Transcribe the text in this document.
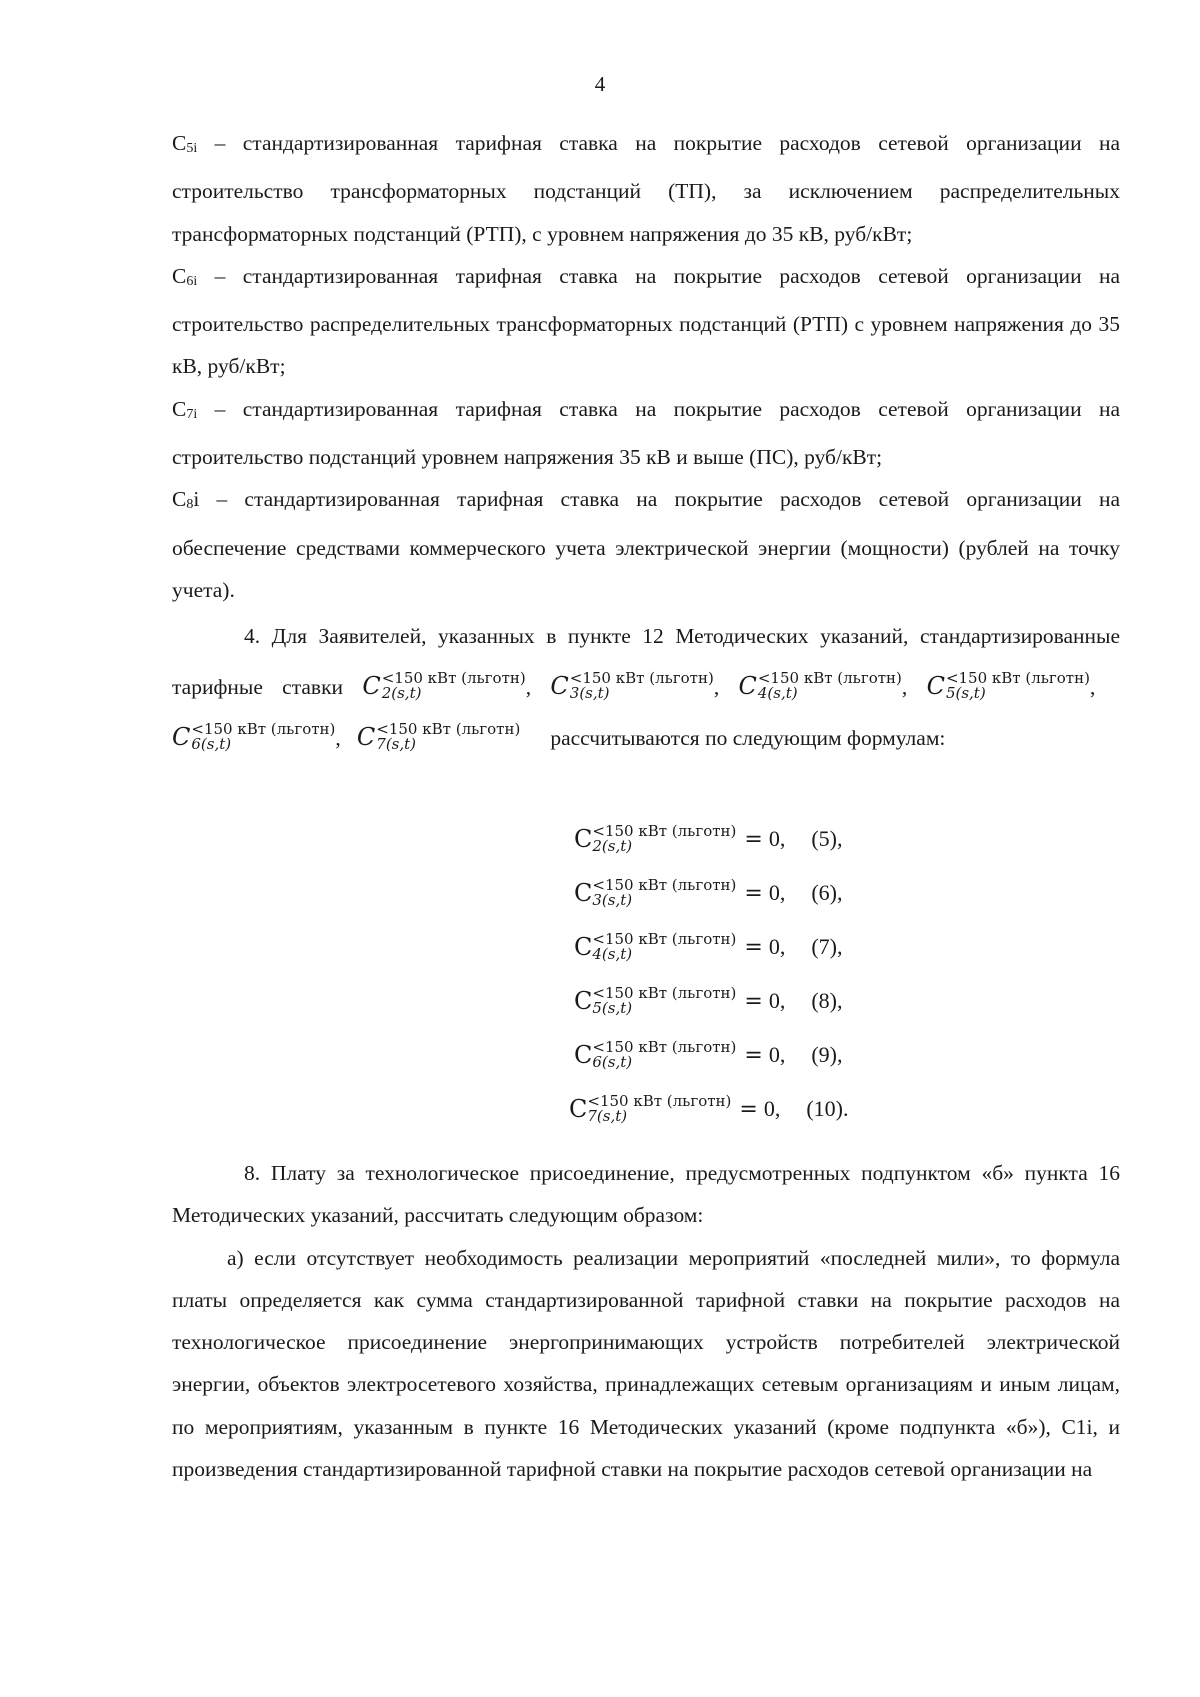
4

$С_{5i}$ – стандартизированная тарифная ставка на покрытие расходов сетевой организации на строительство трансформаторных подстанций (ТП), за исключением распределительных трансформаторных подстанций (РТП), с уровнем напряжения до 35 кВ, руб/кВт;

$С_{6i}$ – стандартизированная тарифная ставка на покрытие расходов сетевой организации на строительство распределительных трансформаторных подстанций (РТП) с уровнем напряжения до 35 кВ, руб/кВт;

$С_{7i}$ – стандартизированная тарифная ставка на покрытие расходов сетевой организации на строительство подстанций уровнем напряжения 35 кВ и выше (ПС), руб/кВт;

$С_8i$ – стандартизированная тарифная ставка на покрытие расходов сетевой организации на обеспечение средствами коммерческого учета электрической энергии (мощности) (рублей на точку учета).

4. Для Заявителей, указанных в пункте 12 Методических указаний, стандартизированные тарифные ставки C <150 кВт (льготн)
2(s,t)	, C <150 кВт (льготн)
3(s,t)	, C <150 кВт (льготн)
4(s,t)	, C <150 кВт (льготн)
5(s,t)	,
C <150 кВт (льготн)
6(s,t)	, C <150 кВт (льготн)
7(s,t)	рассчитываются по следующим формулам:

С <150 кВт (льготн)
2(s,t)	= 0, (5),
С <150 кВт (льготн)
3(s,t)	= 0, (6),
С <150 кВт (льготн)
4(s,t)	= 0, (7),
С <150 кВт (льготн)
5(s,t)	= 0, (8),
С <150 кВт (льготн)
6(s,t)	= 0, (9),
С <150 кВт (льготн)
7(s,t)	= 0, (10).

8. Плату за технологическое присоединение, предусмотренных подпунктом «б» пункта 16 Методических указаний, рассчитать следующим образом:

а) если отсутствует необходимость реализации мероприятий «последней мили», то формула платы определяется как сумма стандартизированной тарифной ставки на покрытие расходов на технологическое присоединение энергопринимающих устройств потребителей электрической энергии, объектов электросетевого хозяйства, принадлежащих сетевым организациям и иным лицам, по мероприятиям, указанным в пункте 16 Методических указаний (кроме подпункта «б»), С1i, и произведения стандартизированной тарифной ставки на покрытие расходов сетевой организации на
